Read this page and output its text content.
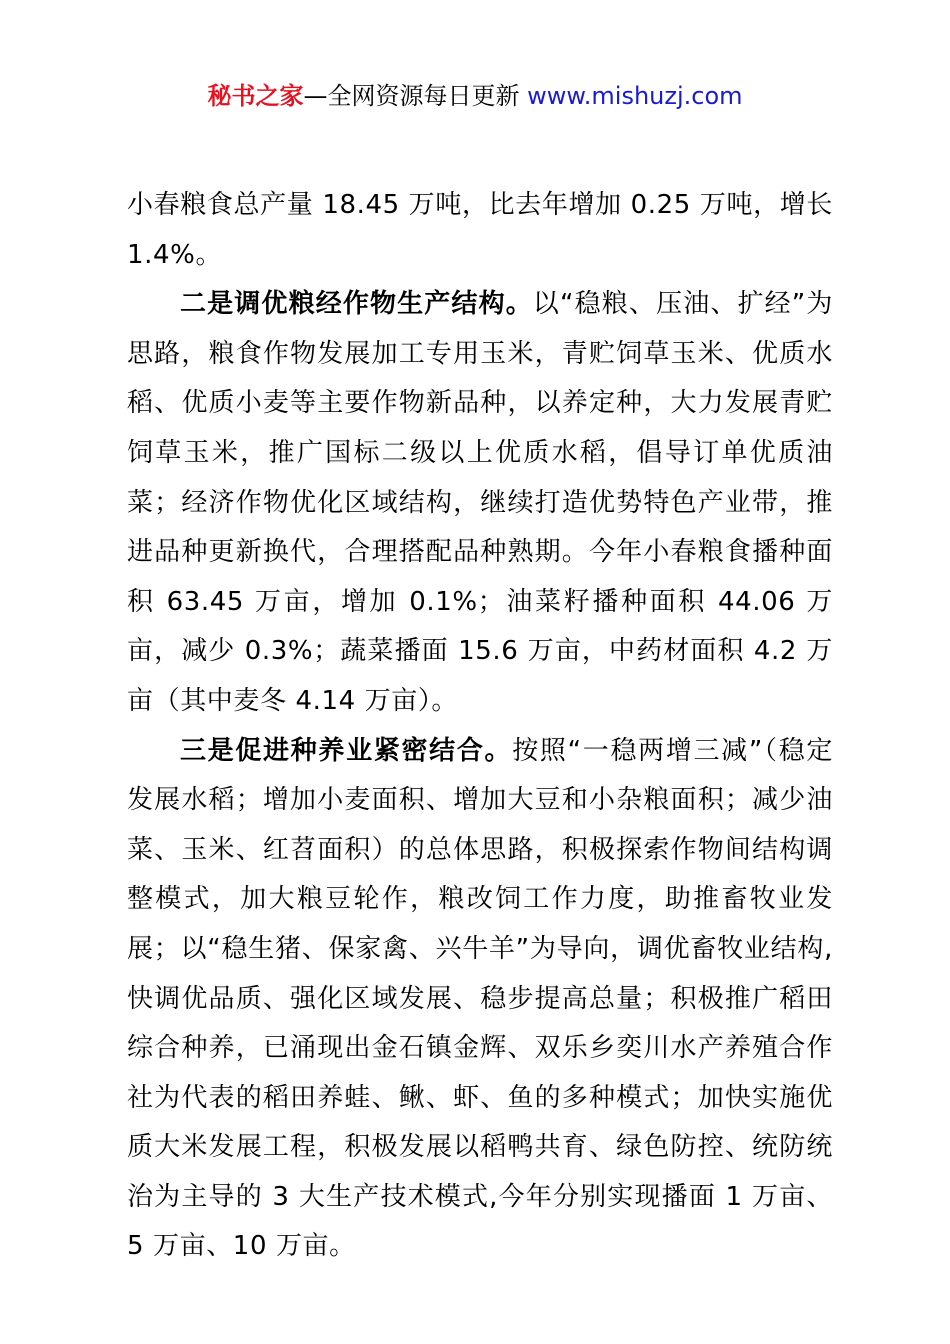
秘书之家—全网资源每日更新 www.mishuzj.com

小春粮食总产量 18.45 万吨，比去年增加 0.25 万吨，增长 1.4%。

二是调优粮经作物生产结构。以“稳粮、压油、扩经”为思路，粮食作物发展加工专用玉米，青贮饲草玉米、优质水稻、优质小麦等主要作物新品种，以养定种，大力发展青贮饲草玉米，推广国标二级以上优质水稻，倡导订单优质油菜；经济作物优化区域结构，继续打造优势特色产业带，推进品种更新换代，合理搭配品种熟期。今年小春粮食播种面积 63.45 万亩，增加 0.1%；油菜籽播种面积 44.06 万亩，减少 0.3%；蔬菜播面 15.6 万亩，中药材面积 4.2 万亩（其中麦冬 4.14 万亩）。

三是促进种养业紧密结合。按照“一稳两增三减”（稳定发展水稻；增加小麦面积、增加大豆和小杂粮面积；减少油菜、玉米、红苕面积）的总体思路，积极探索作物间结构调整模式，加大粮豆轮作，粮改饲工作力度，助推畜牧业发展；以“稳生猪、保家禽、兴牛羊”为导向，调优畜牧业结构,快调优品质、强化区域发展、稳步提高总量；积极推广稻田综合种养，已涌现出金石镇金辉、双乐乡奕川水产养殖合作社为代表的稻田养蛙、鳅、虾、鱼的多种模式；加快实施优质大米发展工程，积极发展以稻鸭共育、绿色防控、统防统治为主导的 3 大生产技术模式,今年分别实现播面 1 万亩、5 万亩、10 万亩。
